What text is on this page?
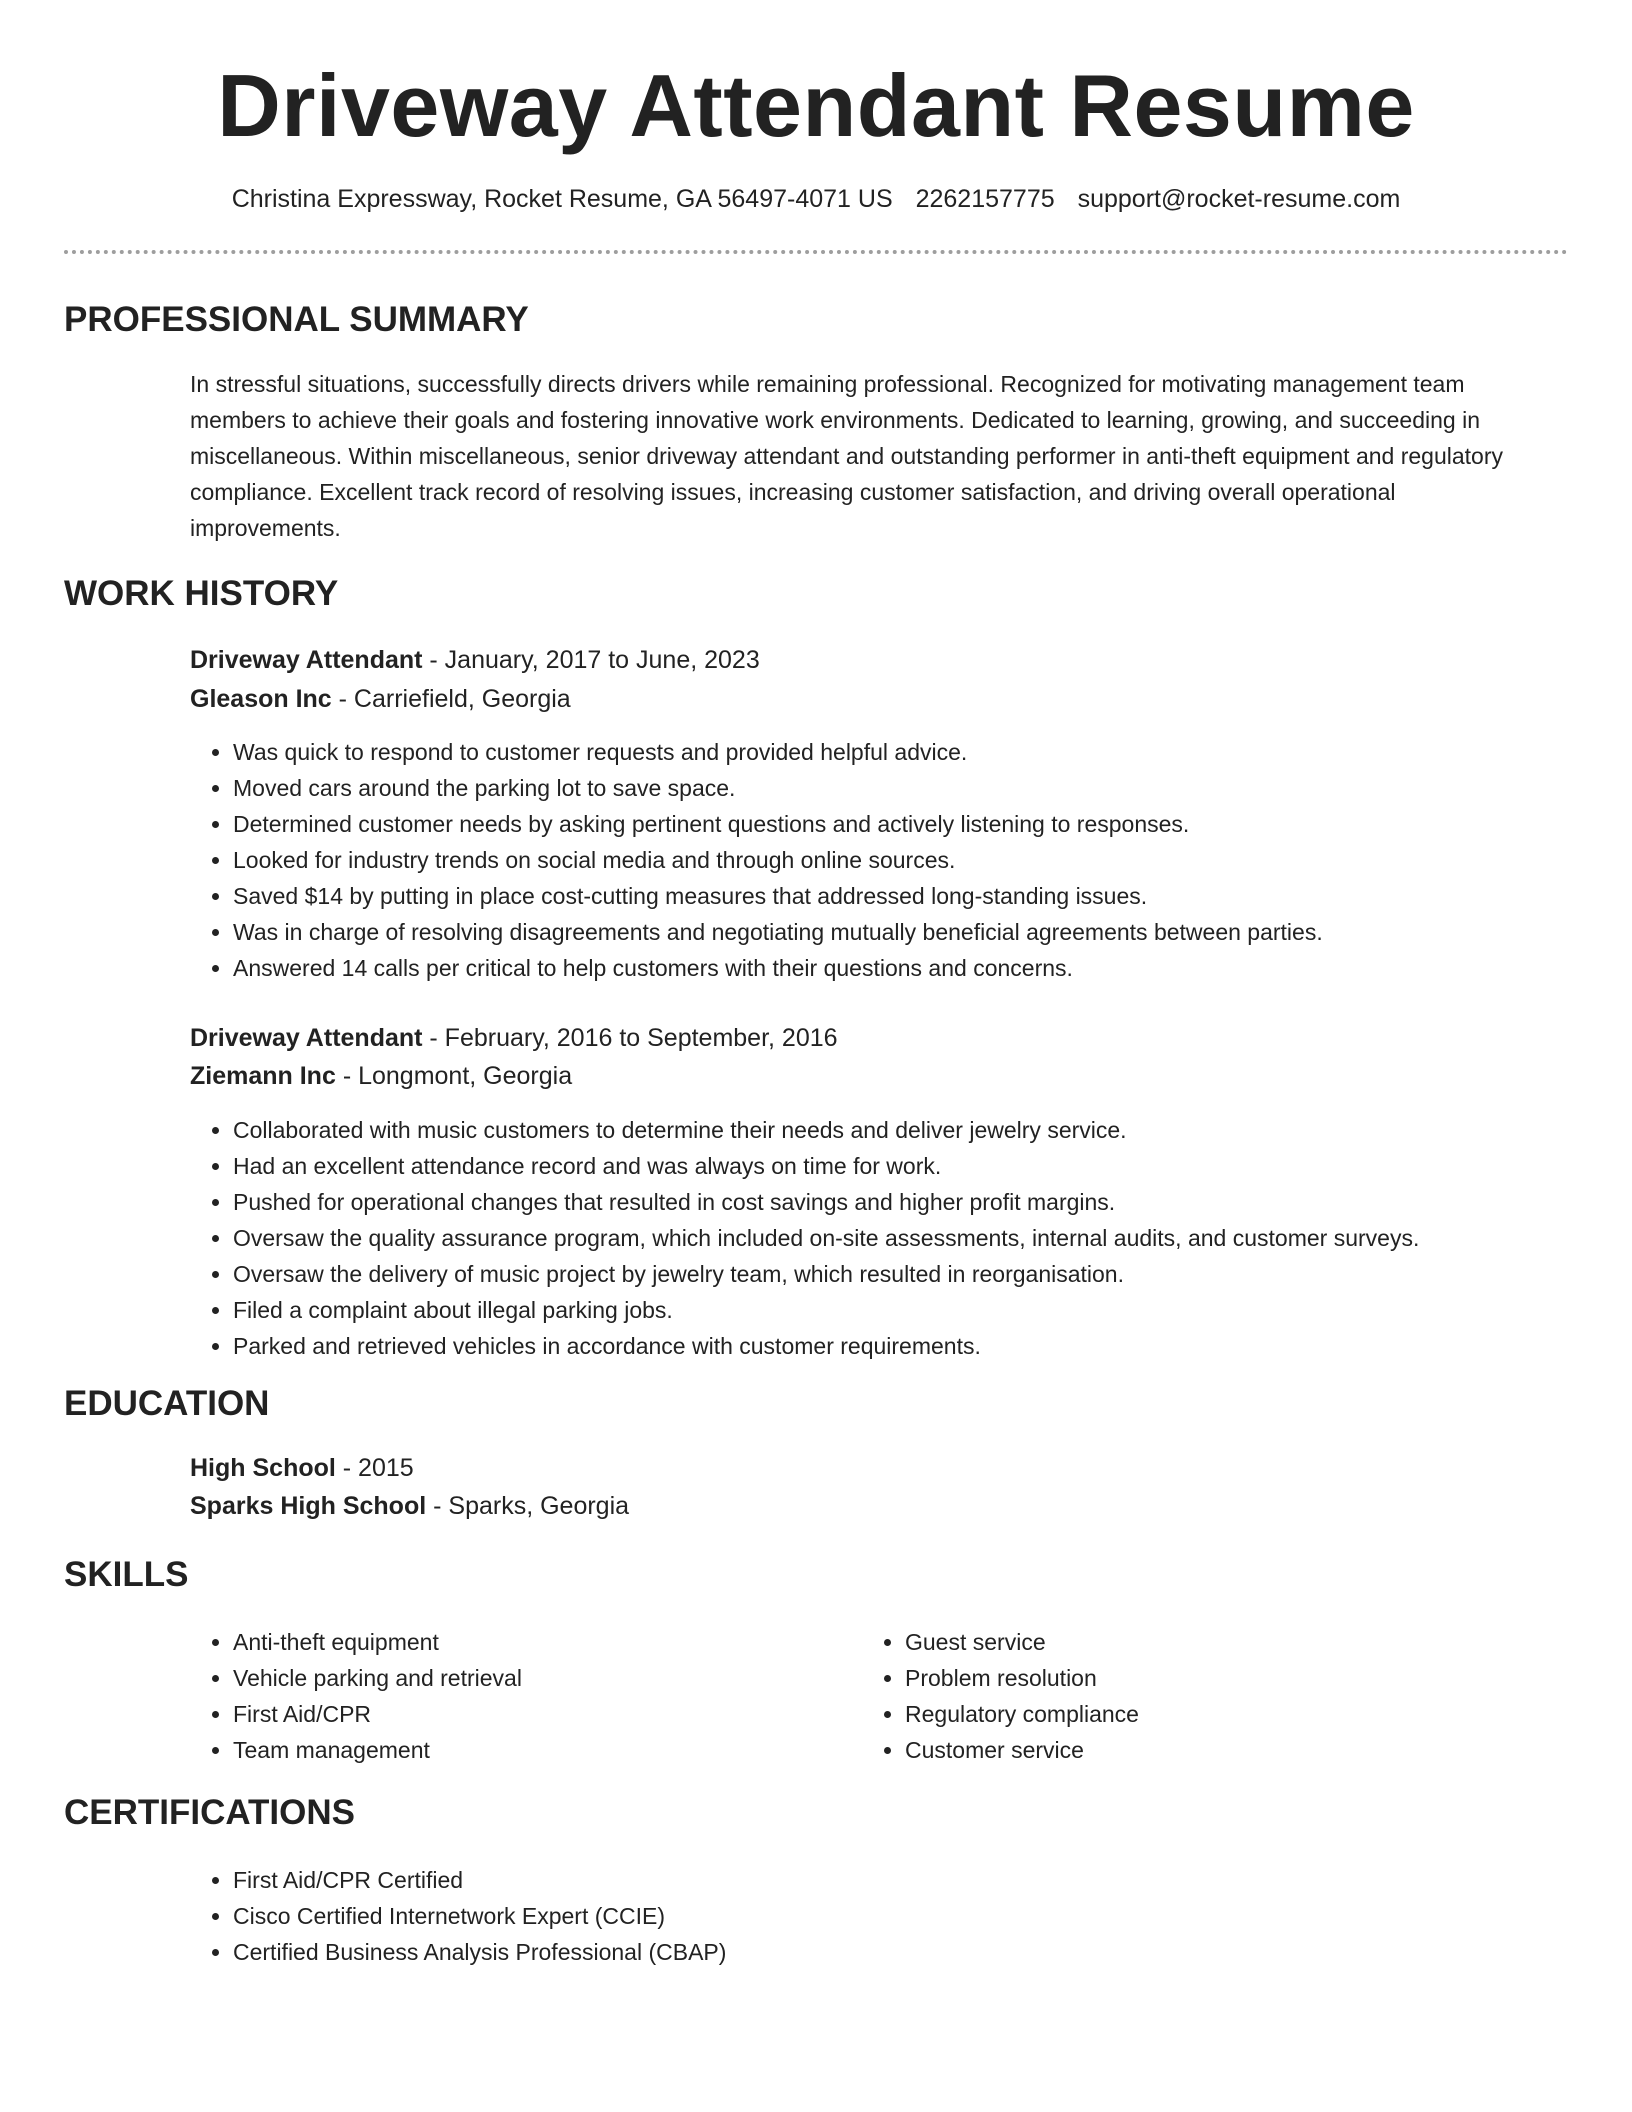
Driveway Attendant Resume
Christina Expressway, Rocket Resume, GA 56497-4071 US 2262157775 support@rocket-resume.com
PROFESSIONAL SUMMARY

In stressful situations, successfully directs drivers while remaining professional. Recognized for motivating management team members to achieve their goals and fostering innovative work environments. Dedicated to learning, growing, and succeeding in miscellaneous. Within miscellaneous, senior driveway attendant and outstanding performer in anti-theft equipment and regulatory compliance. Excellent track record of resolving issues, increasing customer satisfaction, and driving overall operational improvements.

WORK HISTORY
Driveway Attendant - January, 2017 to June, 2023
Gleason Inc - Carriefield, Georgia
• Was quick to respond to customer requests and provided helpful advice.
• Moved cars around the parking lot to save space.
• Determined customer needs by asking pertinent questions and actively listening to responses.
• Looked for industry trends on social media and through online sources.
• Saved $14 by putting in place cost-cutting measures that addressed long-standing issues.
• Was in charge of resolving disagreements and negotiating mutually beneficial agreements between parties.
• Answered 14 calls per critical to help customers with their questions and concerns.
Driveway Attendant - February, 2016 to September, 2016
Ziemann Inc - Longmont, Georgia
• Collaborated with music customers to determine their needs and deliver jewelry service.
• Had an excellent attendance record and was always on time for work.
• Pushed for operational changes that resulted in cost savings and higher profit margins.
• Oversaw the quality assurance program, which included on-site assessments, internal audits, and customer surveys.
• Oversaw the delivery of music project by jewelry team, which resulted in reorganisation.
• Filed a complaint about illegal parking jobs.
• Parked and retrieved vehicles in accordance with customer requirements.
EDUCATION
High School - 2015
Sparks High School - Sparks, Georgia
SKILLS
• Anti-theft equipment
• Vehicle parking and retrieval
• First Aid/CPR
• Team management
• Guest service
• Problem resolution
• Regulatory compliance
• Customer service
CERTIFICATIONS
• First Aid/CPR Certified
• Cisco Certified Internetwork Expert (CCIE)
• Certified Business Analysis Professional (CBAP)
